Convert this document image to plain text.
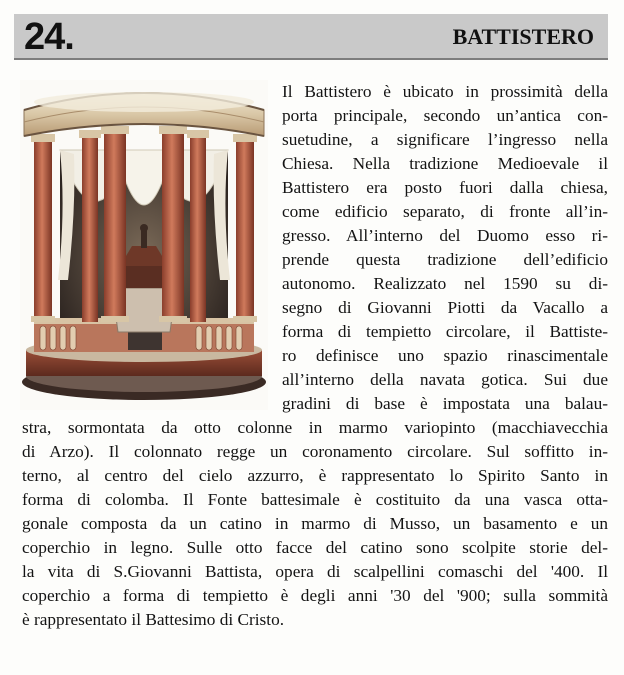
24.	BATTISTERO
Il Battistero è ubicato in prossimità della
porta principale, secondo un’antica con-
suetudine, a significare l’ingresso nella
Chiesa. Nella tradizione Medioevale il
Battistero era posto fuori dalla chiesa,
come edificio separato, di fronte all’in-
gresso. All’interno del Duomo esso ri-
prende questa tradizione dell’edificio
autonomo. Realizzato nel 1590 su di-
segno di Giovanni Piotti da Vacallo a
forma di tempietto circolare, il Battiste-
ro definisce uno spazio rinascimentale
all’interno della navata gotica. Sui due
gradini di base è impostata una balau-
stra, sormontata da otto colonne in marmo variopinto (macchiavecchia
di Arzo). Il colonnato regge un coronamento circolare. Sul soffitto in-
terno, al centro del cielo azzurro, è rappresentato lo Spirito Santo in
forma di colomba. Il Fonte battesimale è costituito da una vasca otta-
gonale composta da un catino in marmo di Musso, un basamento e un
coperchio in legno. Sulle otto facce del catino sono scolpite storie del-
la vita di S.Giovanni Battista, opera di scalpellini comaschi del '400. Il
coperchio a forma di tempietto è degli anni '30 del '900; sulla sommità
è rappresentato il Battesimo di Cristo.
